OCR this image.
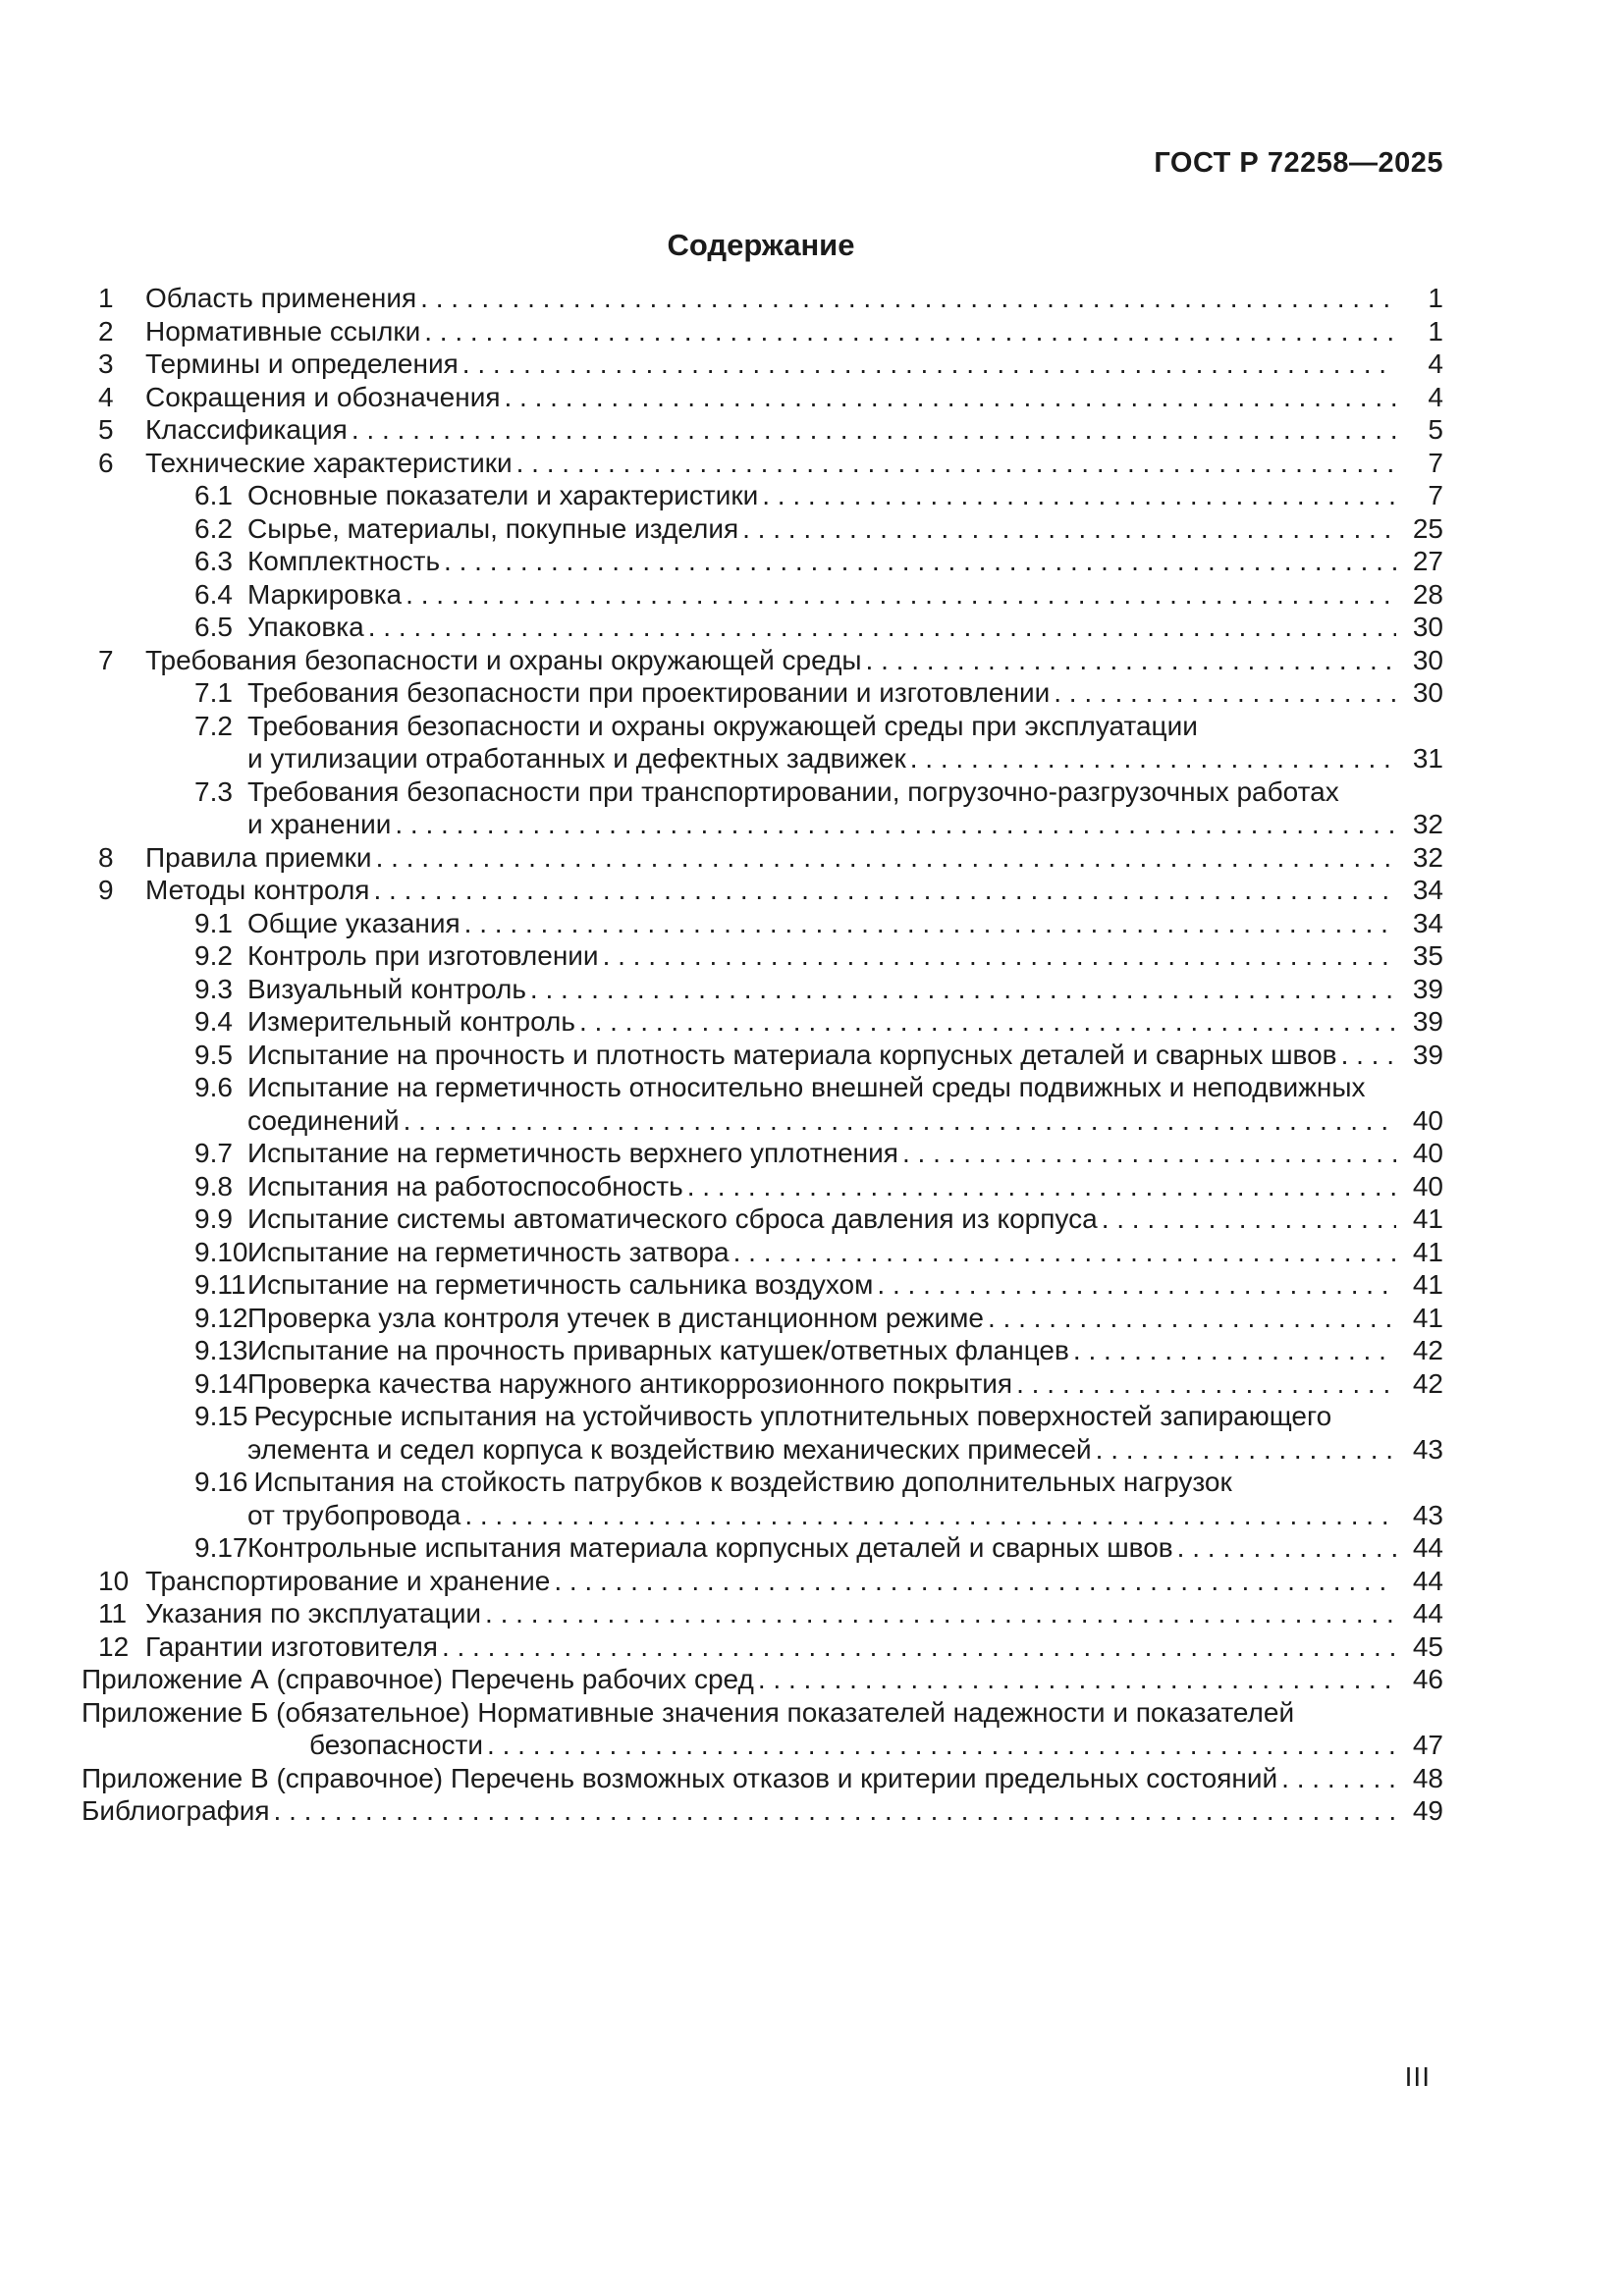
ГОСТ Р 72258—2025
Содержание
1	Область применения . . .	1
2	Нормативные ссылки . . .	1
3	Термины и определения . . .	4
4	Сокращения и обозначения . . .	4
5	Классификация . . .	5
6	Технические характеристики . . .	7
6.1 Основные показатели и характеристики . . .	7
6.2 Сырье, материалы, покупные изделия . . .	25
6.3 Комплектность . . .	27
6.4 Маркировка . . .	28
6.5 Упаковка . . .	30
7	Требования безопасности и охраны окружающей среды . . .	30
7.1 Требования безопасности при проектировании и изготовлении . . .	30
7.2 Требования безопасности и охраны окружающей среды при эксплуатации
и утилизации отработанных и дефектных задвижек . . .	31
7.3 Требования безопасности при транспортировании, погрузочно-разгрузочных работах
и хранении . . .	32
8	Правила приемки . . .	32
9	Методы контроля . . .	34
9.1 Общие указания . . .	34
9.2 Контроль при изготовлении . . .	35
9.3 Визуальный контроль . . .	39
9.4 Измерительный контроль . . .	39
9.5 Испытание на прочность и плотность материала корпусных деталей и сварных швов . . .	39
9.6 Испытание на герметичность относительно внешней среды подвижных и неподвижных
соединений . . .	40
9.7 Испытание на герметичность верхнего уплотнения . . .	40
9.8 Испытания на работоспособность . . .	40
9.9 Испытание системы автоматического сброса давления из корпуса . . .	41
9.10 Испытание на герметичность затвора . . .	41
9.11 Испытание на герметичность сальника воздухом . . .	41
9.12 Проверка узла контроля утечек в дистанционном режиме . . .	41
9.13 Испытание на прочность приварных катушек/ответных фланцев . . .	42
9.14 Проверка качества наружного антикоррозионного покрытия . . .	42
9.15 Ресурсные испытания на устойчивость уплотнительных поверхностей запирающего
элемента и седел корпуса к воздействию механических примесей . . .	43
9.16 Испытания на стойкость патрубков к воздействию дополнительных нагрузок
от трубопровода . . .	43
9.17 Контрольные испытания материала корпусных деталей и сварных швов . . .	44
10 Транспортирование и хранение . . .	44
11 Указания по эксплуатации . . .	44
12 Гарантии изготовителя . . .	45
Приложение А (справочное) Перечень рабочих сред . . .	46
Приложение Б (обязательное) Нормативные значения показателей надежности и показателей
безопасности . . .	47
Приложение В (справочное) Перечень возможных отказов и критерии предельных состояний . . .	48
Библиография . . .	49
III
